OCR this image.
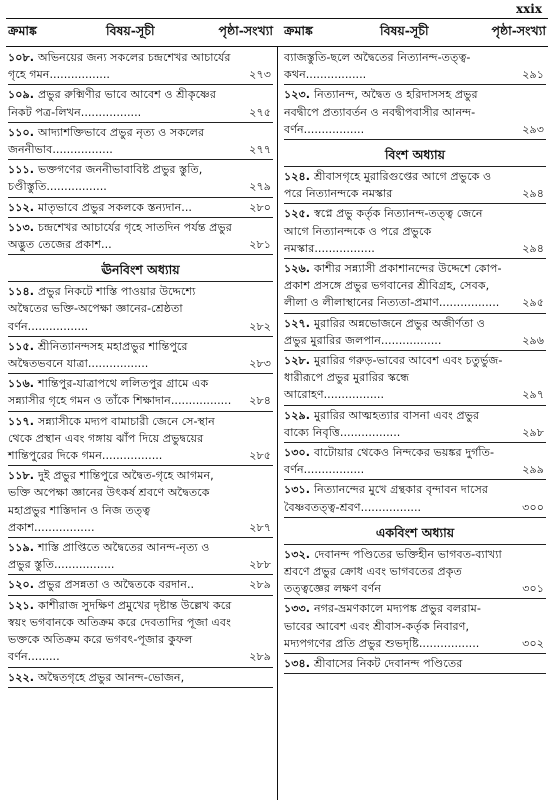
xxix
ক্রমাঙ্ক	বিষয়-সূচী	পৃষ্ঠা-সংখ্যা ক্রমাঙ্ক	বিষয়-সূচী	পৃষ্ঠা-সংখ্যা
১০৮. অভিনয়ের জন্য সকলের চন্দ্রশেখর আচার্যের গৃহে গমন.................	২৭৩
১০৯. প্রভুর রুক্মিণীর ভাবে আবেশ ও শ্রীকৃষ্ণের নিকট পত্র-লিখন.................	২৭৫
১১০. আদ্যাশক্তিভাবে প্রভুর নৃত্য ও সকলের জননীভাব.................	২৭৭
১১১. ভক্তগণের জননীভাবাবিষ্ট প্রভুর স্তুতি, চণ্ডীস্তুতি.................	২৭৯
১১২. মাতৃভাবে প্রভুর সকলকে স্তন্যদান...	২৮০
১১৩. চন্দ্রশেখর আচার্যের গৃহে সাতদিন পর্যন্ত প্রভুর অদ্ভুত তেজের প্রকাশ...	২৮১
ঊনবিংশ অধ্যায়
১১৪. প্রভুর নিকটে শাস্তি পাওয়ার উদ্দেশ্যে অদ্বৈতের ভক্তি-অপেক্ষা জ্ঞানের-শ্রেষ্ঠতা বর্ণন.................	২৮২
১১৫. শ্রীনিত্যানন্দসহ মহাপ্রভুর শান্তিপুরে অদ্বৈতভবনে যাত্রা.................	২৮৩
১১৬. শান্তিপুর-যাত্রাপথে ললিতপুর গ্রামে এক সন্ন্যাসীর গৃহে গমন ও তাঁকে শিক্ষাদান................. ২৮৪
১১৭. সন্ন্যাসীকে মদ্যপ বামাচারী জেনে সে-স্থান থেকে প্রস্থান এবং গঙ্গায় ঝাঁপ দিয়ে প্রভুদ্বয়ের শান্তিপুরের দিকে গমন.................	২৮৫
১১৮. দুই প্রভুর শান্তিপুরে অদ্বৈত-গৃহে আগমন, ভক্তি অপেক্ষা জ্ঞানের উৎকর্ষ শ্রবণে অদ্বৈতকে মহাপ্রভুর শাস্তিদান ও নিজ তত্ত্ব প্রকাশ.................	২৮৭
১১৯. শাস্তি প্রাপ্তিতে অদ্বৈতের আনন্দ-নৃত্য ও প্রভুর স্তুতি.................	২৮৮
১২০. প্রভুর প্রসন্নতা ও অদ্বৈতকে বরদান..	২৮৯
১২১. কাশীরাজ সুদক্ষিণ প্রমুখের দৃষ্টান্ত উল্লেখ করে স্বয়ং ভগবানকে অতিক্রম করে দেবতাদির পূজা এবং ভক্তকে অতিক্রম করে ভগবৎ-পূজার কুফল বর্ণন.........	২৮৯
১২২. অদ্বৈতগৃহে প্রভুর আনন্দ-ভোজন,
ব্যাজস্তুতি-ছলে অদ্বৈতের নিত্যানন্দ-তত্ত্ব-কথন.................	২৯১
১২৩. নিত্যানন্দ, অদ্বৈত ও হরিদাসসহ প্রভুর নবদ্বীপে প্রত্যাবর্তন ও নবদ্বীপবাসীর আনন্দ-বর্ণন.................	২৯৩
বিংশ অধ্যায়
১২৪. শ্রীবাসগৃহে মুরারিগুপ্তের আগে প্রভুকে ও পরে নিত্যানন্দকে নমস্কার	২৯৪
১২৫. স্বপ্নে প্রভু কর্তৃক নিত্যানন্দ-তত্ত্ব জেনে আগে নিত্যানন্দকে ও পরে প্রভুকে নমস্কার.................	২৯৪
১২৬. কাশীর সন্ন্যাসী প্রকাশানন্দের উদ্দেশে কোপ-প্রকাশ প্রসঙ্গে প্রভুর ভগবানের শ্রীবিগ্রহ, সেবক, লীলা ও লীলাস্থানের নিত্যতা-প্রমাণ.................	২৯৫
১২৭. মুরারির অন্নভোজনে প্রভুর অজীর্ণতা ও প্রভুর মুরারির জলপান.................	২৯৬
১২৮. মুরারির গরুড়-ভাবের আবেশ এবং চতুর্ভুজ-ধারীরূপে প্রভুর মুরারির স্কন্ধে আরোহণ.................	২৯৭
১২৯. মুরারির আত্মহত্যার বাসনা এবং প্রভুর বাক্যে নিবৃত্তি.................	২৯৮
১৩০. বাটোয়ার থেকেও নিন্দকের ভয়ঙ্কর দুর্গতি-বর্ণন.................	২৯৯
১৩১. নিত্যানন্দের মুখে গ্রন্থকার বৃন্দাবন দাসের বৈষ্ণবতত্ত্ব-শ্রবণ.................	৩০০
একবিংশ অধ্যায়
১৩২. দেবানন্দ পণ্ডিতের ভক্তিহীন ভাগবত-ব্যাখ্যা শ্রবণে প্রভুর ক্রোধ এবং ভাগবতের প্রকৃত তত্ত্বজ্ঞের লক্ষণ বর্ণন	৩০১
১৩৩. নগর-ভ্রমণকালে মদ্যপঙ্ক প্রভুর বলরাম-ভাবের আবেশ এবং শ্রীবাস-কর্তৃক নিবারণ, মদ্যপগণের প্রতি প্রভুর শুভদৃষ্টি.................	৩০২
১৩৪. শ্রীবাসের নিকট দেবানন্দ পণ্ডিতের
